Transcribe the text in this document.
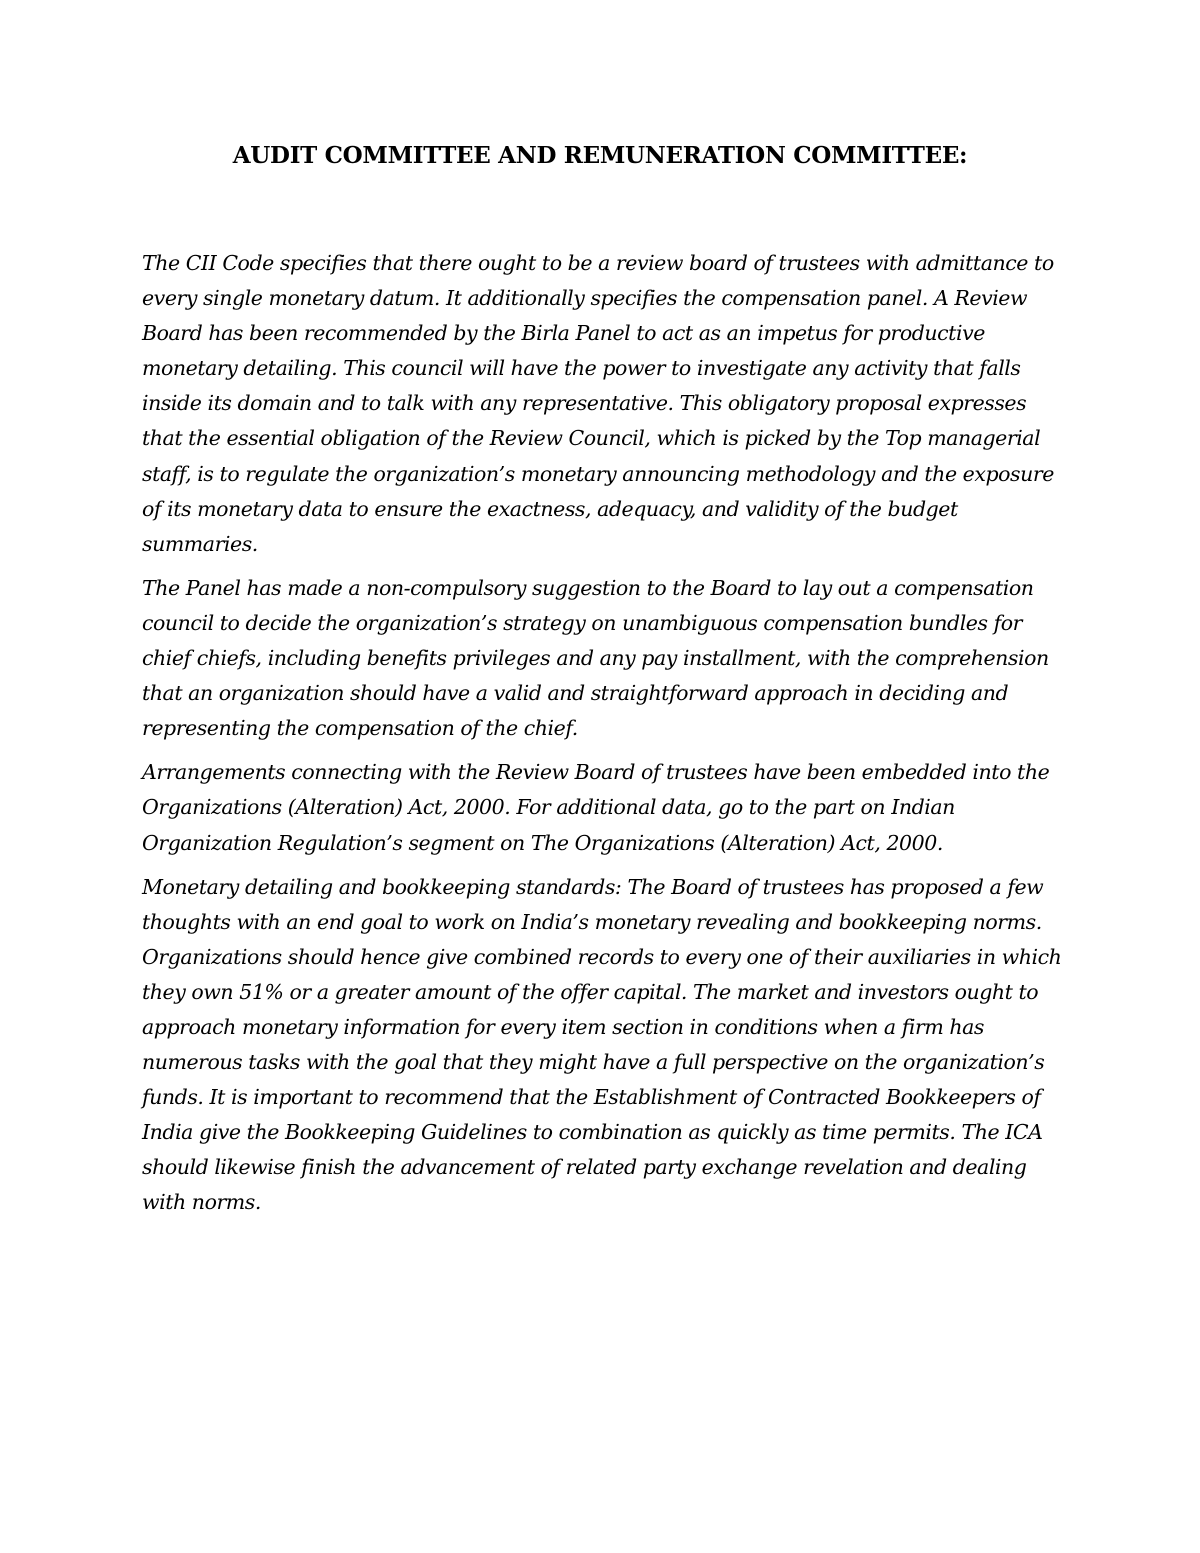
AUDIT COMMITTEE AND REMUNERATION COMMITTEE:

The CII Code specifies that there ought to be a review board of trustees with admittance to every single monetary datum. It additionally specifies the compensation panel. A Review Board has been recommended by the Birla Panel to act as an impetus for productive monetary detailing. This council will have the power to investigate any activity that falls inside its domain and to talk with any representative. This obligatory proposal expresses that the essential obligation of the Review Council, which is picked by the Top managerial staff, is to regulate the organization’s monetary announcing methodology and the exposure of its monetary data to ensure the exactness, adequacy, and validity of the budget summaries.

The Panel has made a non-compulsory suggestion to the Board to lay out a compensation council to decide the organization’s strategy on unambiguous compensation bundles for chief chiefs, including benefits privileges and any pay installment, with the comprehension that an organization should have a valid and straightforward approach in deciding and representing the compensation of the chief.

Arrangements connecting with the Review Board of trustees have been embedded into the Organizations (Alteration) Act, 2000. For additional data, go to the part on Indian Organization Regulation’s segment on The Organizations (Alteration) Act, 2000.

Monetary detailing and bookkeeping standards: The Board of trustees has proposed a few thoughts with an end goal to work on India’s monetary revealing and bookkeeping norms. Organizations should hence give combined records to every one of their auxiliaries in which they own 51% or a greater amount of the offer capital. The market and investors ought to approach monetary information for every item section in conditions when a firm has numerous tasks with the goal that they might have a full perspective on the organization’s funds. It is important to recommend that the Establishment of Contracted Bookkeepers of India give the Bookkeeping Guidelines to combination as quickly as time permits. The ICA should likewise finish the advancement of related party exchange revelation and dealing with norms.
